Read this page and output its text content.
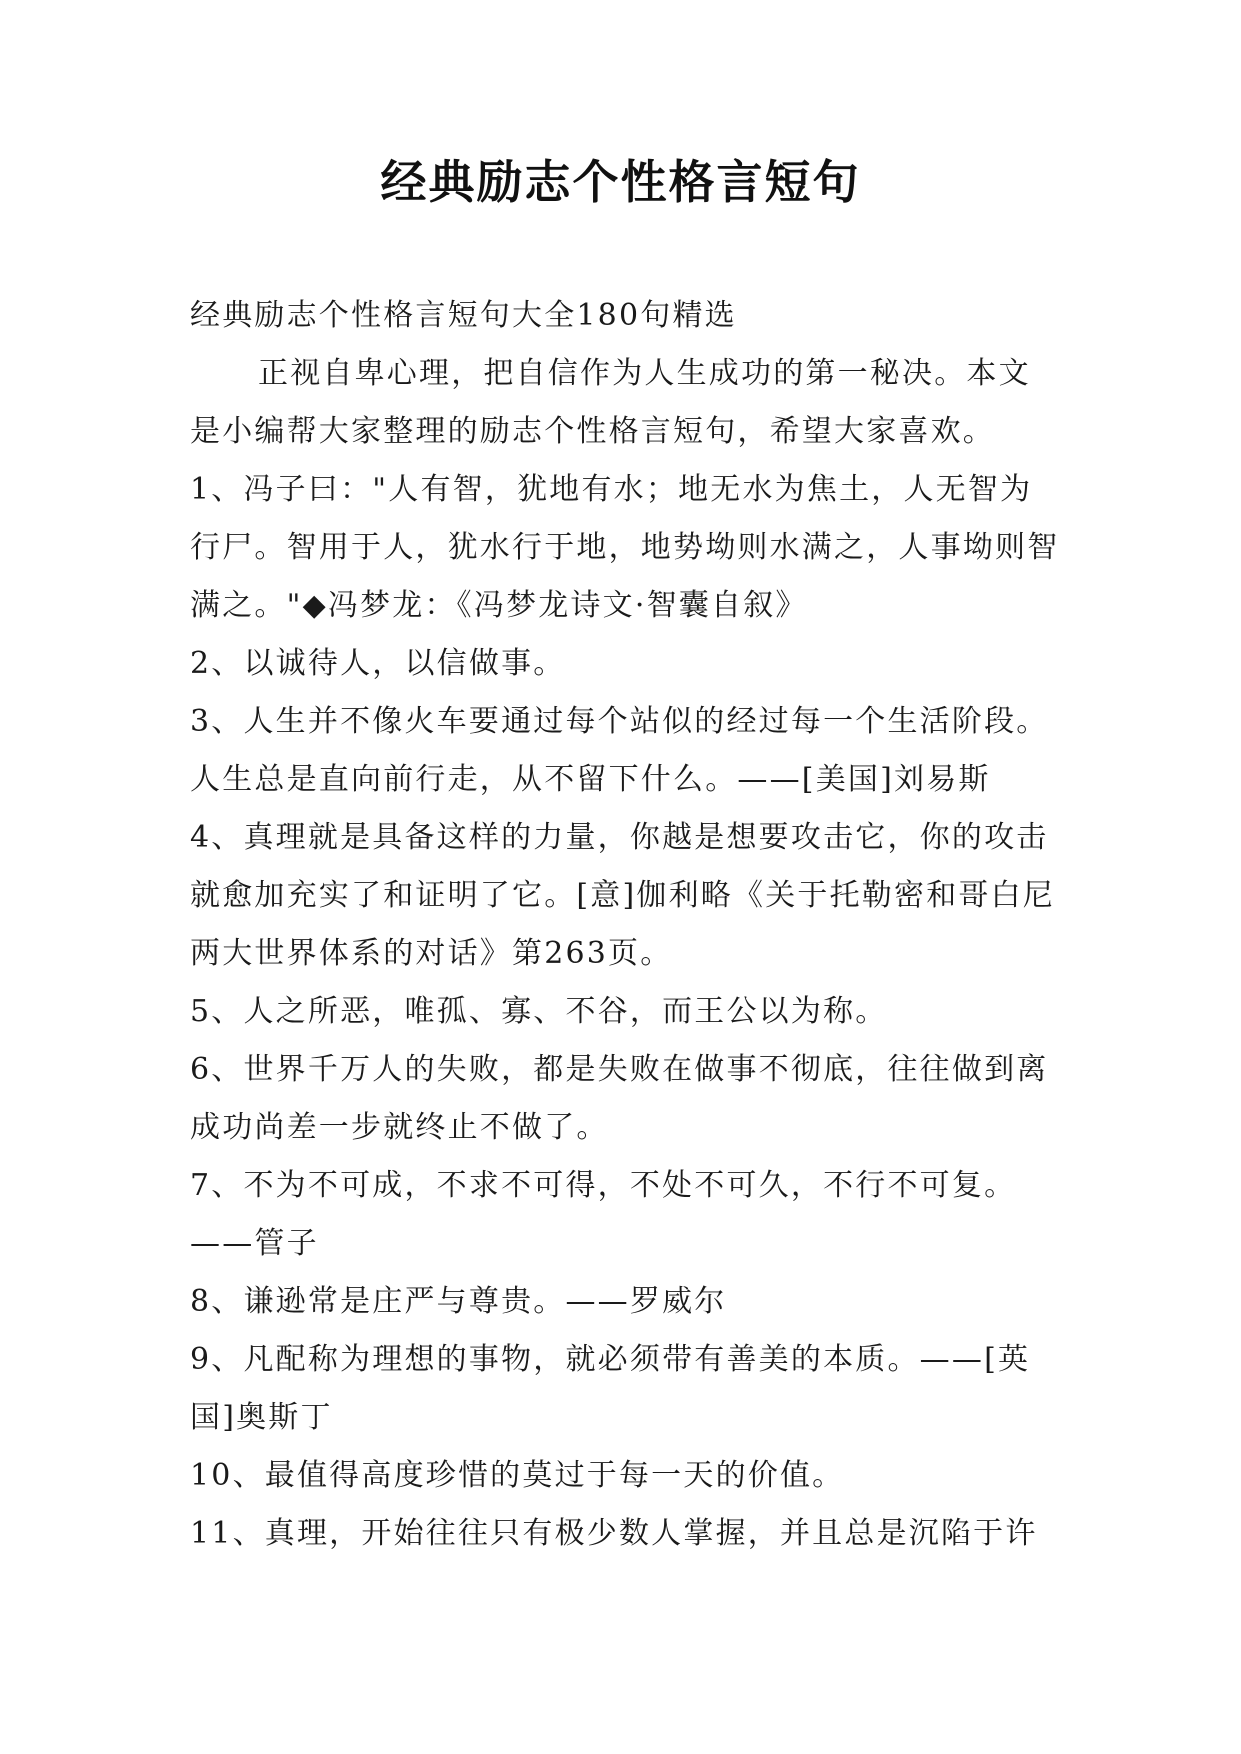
经典励志个性格言短句

经典励志个性格言短句大全180句精选

正视自卑心理，把自信作为人生成功的第一秘决。本文是小编帮大家整理的励志个性格言短句，希望大家喜欢。

1、冯子曰："人有智，犹地有水；地无水为焦土，人无智为行尸。智用于人，犹水行于地，地势坳则水满之，人事坳则智满之。"◆冯梦龙：《冯梦龙诗文·智囊自叙》

2、以诚待人，以信做事。

3、人生并不像火车要通过每个站似的经过每一个生活阶段。人生总是直向前行走，从不留下什么。——[美国]刘易斯

4、真理就是具备这样的力量，你越是想要攻击它，你的攻击就愈加充实了和证明了它。[意]伽利略《关于托勒密和哥白尼两大世界体系的对话》第263页。

5、人之所恶，唯孤、寡、不谷，而王公以为称。

6、世界千万人的失败，都是失败在做事不彻底，往往做到离成功尚差一步就终止不做了。

7、不为不可成，不求不可得，不处不可久，不行不可复。——管子

8、谦逊常是庄严与尊贵。——罗威尔

9、凡配称为理想的事物，就必须带有善美的本质。——[英国]奥斯丁

10、最值得高度珍惜的莫过于每一天的价值。

11、真理，开始往往只有极少数人掌握，并且总是沉陷于许
